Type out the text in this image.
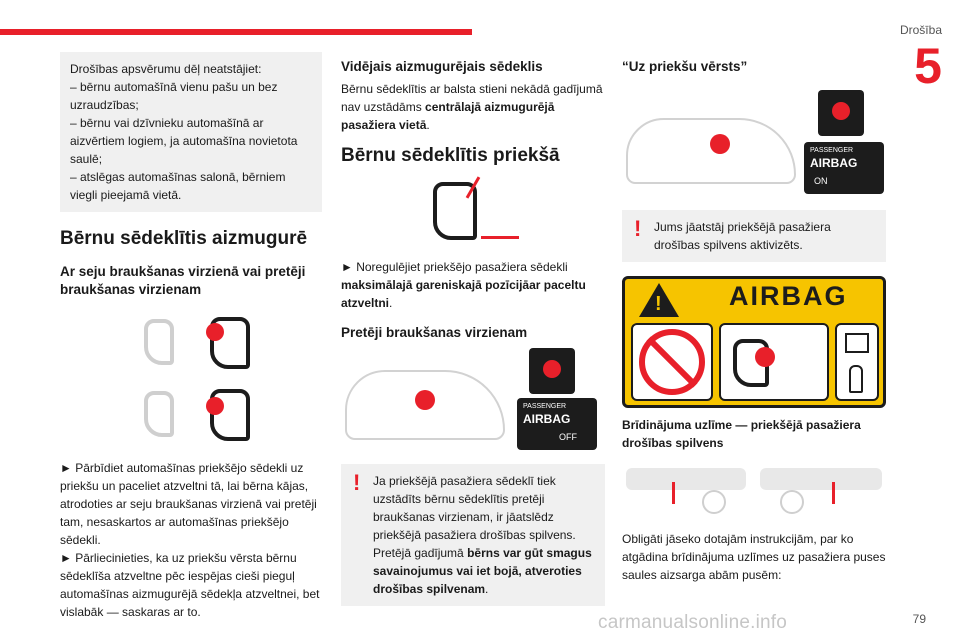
Drošība
5
Drošības apsvērumu dēļ neatstājiet:
– bērnu automašīnā vienu pašu un bez uzraudzības;
– bērnu vai dzīvnieku automašīnā ar aizvērtiem logiem, ja automašīna novietota saulē;
– atslēgas automašīnas salonā, bērniem viegli pieejamā vietā.
Bērnu sēdeklītis aizmugurē
Ar seju braukšanas virzienā vai pretēji braukšanas virzienam
► Pārbīdiet automašīnas priekšējo sēdekli uz priekšu un paceliet atzveltni tā, lai bērna kājas, atrodoties ar seju braukšanas virzienā vai pretēji tam, nesaskartos ar automašīnas priekšējo sēdekli.
► Pārliecinieties, ka uz priekšu vērsta bērnu sēdeklīša atzveltne pēc iespējas cieši pieguļ automašīnas aizmugurējā sēdekļa atzveltnei, bet vislabāk — saskaras ar to.
Vidējais aizmugurējais sēdeklis
Bērnu sēdeklītis ar balsta stieni nekādā gadījumā nav uzstādāms centrālajā aizmugurējā pasažiera vietā.
Bērnu sēdeklītis priekšā
► Noregulējiet priekšējo pasažiera sēdekli maksimālajā gareniskajā pozīcijāar paceltu atzveltni.
Pretēji braukšanas virzienam
PASSENGER
AIRBAG
OFF
! Ja priekšējā pasažiera sēdeklī tiek uzstādīts bērnu sēdeklītis pretēji braukšanas virzienam, ir jāatslēdz priekšējā pasažiera drošības spilvens. Pretējā gadījumā bērns var gūt smagus savainojumus vai iet bojā, atveroties drošības spilvenam.
“Uz priekšu vērsts”
PASSENGER
AIRBAG
ON
! Jums jāatstāj priekšējā pasažiera drošības spilvens aktivizēts.
! AIRBAG
Brīdinājuma uzlīme — priekšējā pasažiera drošības spilvens
Obligāti jāseko dotajām instrukcijām, par ko atgādina brīdinājuma uzlīmes uz pasažiera puses saules aizsarga abām pusēm:
carmanualsonline.info	79
